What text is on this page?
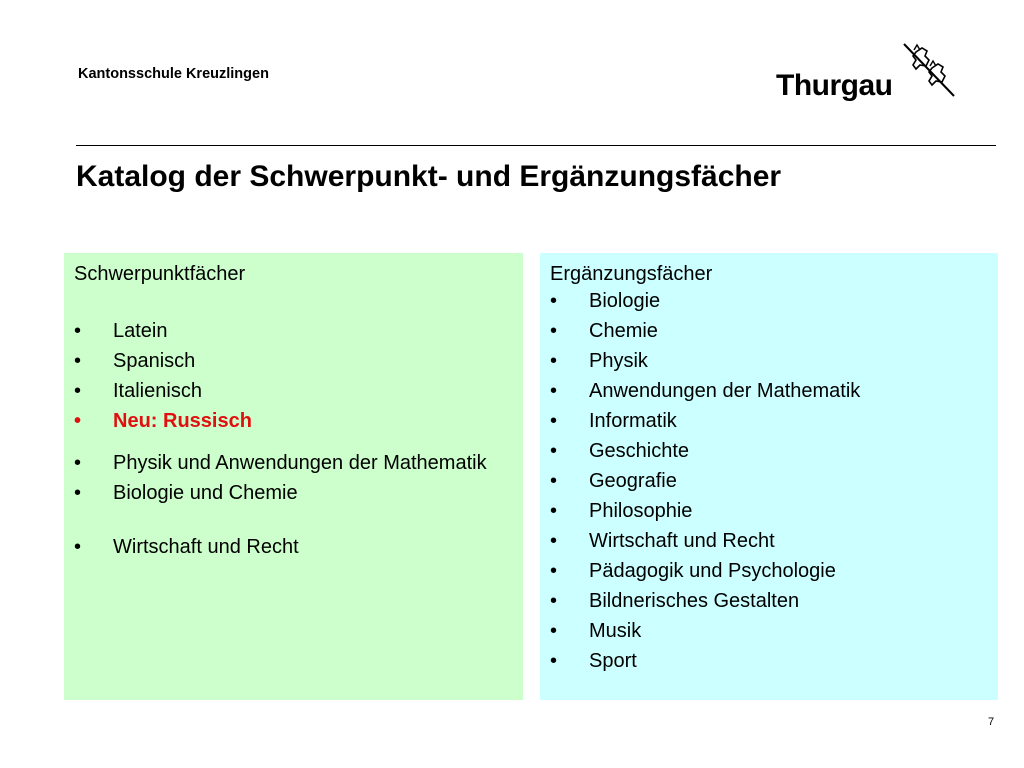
Kantonsschule Kreuzlingen	Thurgau
Katalog der Schwerpunkt- und Ergänzungsfächer
Schwerpunktfächer
•	Latein
•	Spanisch
•	Italienisch
•	Neu: Russisch
•	Physik und Anwendungen der Mathematik
•	Biologie und Chemie
•	Wirtschaft und Recht
Ergänzungsfächer
•	Biologie
•	Chemie
•	Physik
•	Anwendungen der Mathematik
•	Informatik
•	Geschichte
•	Geografie
•	Philosophie
•	Wirtschaft und Recht
•	Pädagogik und Psychologie
•	Bildnerisches Gestalten
•	Musik
•	Sport
7
